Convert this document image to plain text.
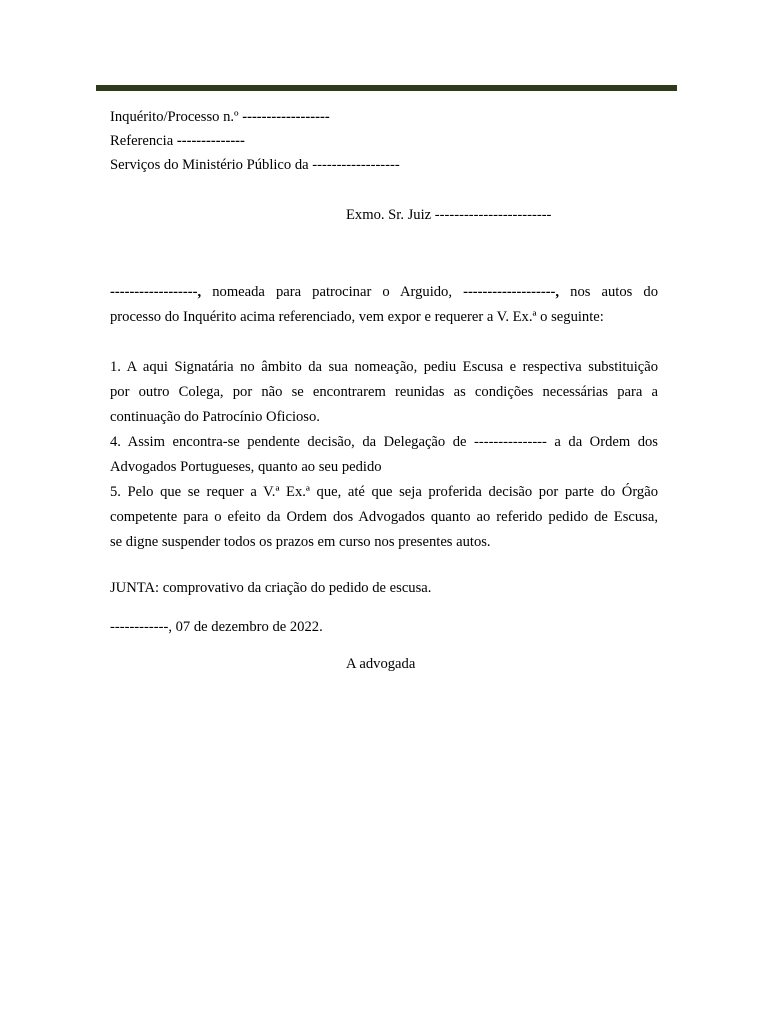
Inquérito/Processo n.º ------------------
Referencia --------------
Serviços do Ministério Público da ------------------
Exmo. Sr. Juiz ------------------------
------------------, nomeada para patrocinar o Arguido, -------------------, nos autos do
processo do Inquérito acima referenciado, vem expor e requerer a V. Ex.ª o seguinte:
1. A aqui Signatária no âmbito da sua nomeação, pediu Escusa e respectiva substituição
por outro Colega, por não se encontrarem reunidas as condições necessárias para a
continuação do Patrocínio Oficioso.
4. Assim encontra-se pendente decisão, da Delegação de --------------- a da Ordem dos
Advogados Portugueses, quanto ao seu pedido
5. Pelo que se requer a V.ª Ex.ª que, até que seja proferida decisão por parte do Órgão
competente para o efeito da Ordem dos Advogados quanto ao referido pedido de Escusa,
se digne suspender todos os prazos em curso nos presentes autos.
JUNTA: comprovativo da criação do pedido de escusa.
------------, 07 de dezembro de 2022.
A advogada
